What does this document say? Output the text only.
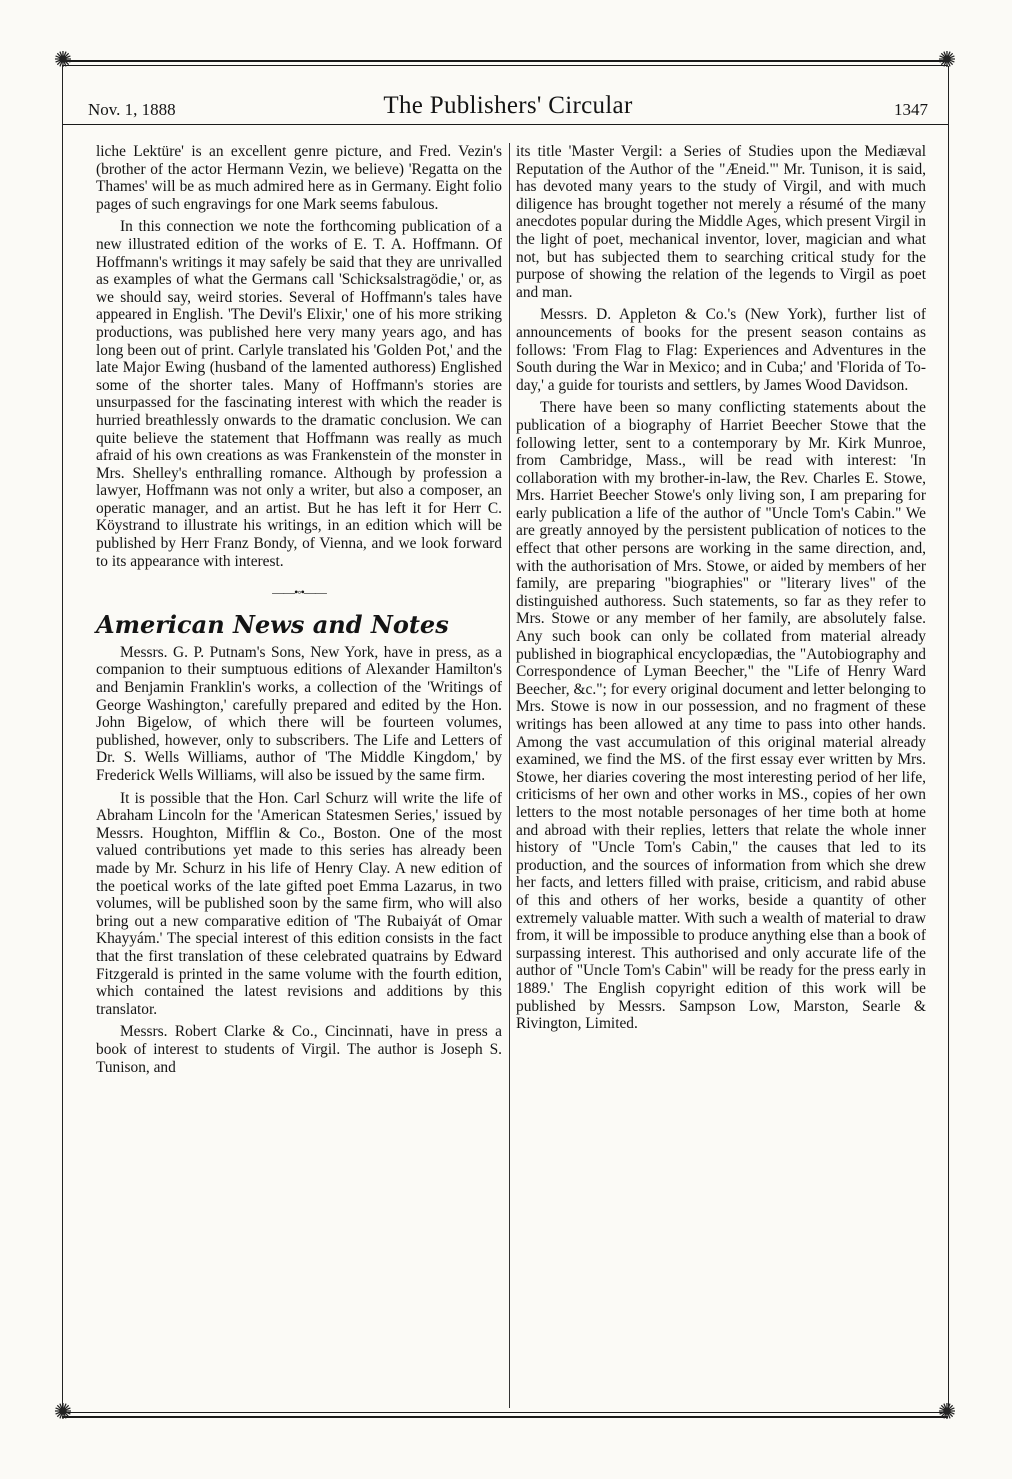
✺	✺
✺	✺
Nov. 1, 1888	The Publishers' Circular	1347

liche Lektüre' is an excellent genre picture, and Fred. Vezin's (brother of the actor Hermann Vezin, we believe) 'Regatta on the Thames' will be as much admired here as in Germany. Eight folio pages of such engravings for one Mark seems fabulous.

In this connection we note the forthcoming publication of a new illustrated edition of the works of E. T. A. Hoffmann. Of Hoffmann's writings it may safely be said that they are unrivalled as examples of what the Germans call 'Schicksalstragödie,' or, as we should say, weird stories. Several of Hoffmann's tales have appeared in English. 'The Devil's Elixir,' one of his more striking productions, was published here very many years ago, and has long been out of print. Carlyle translated his 'Golden Pot,' and the late Major Ewing (husband of the lamented authoress) Englished some of the shorter tales. Many of Hoffmann's stories are unsurpassed for the fascinating interest with which the reader is hurried breathlessly onwards to the dramatic conclusion. We can quite believe the statement that Hoffmann was really as much afraid of his own creations as was Frankenstein of the monster in Mrs. Shelley's enthralling romance. Although by profession a lawyer, Hoffmann was not only a writer, but also a composer, an operatic manager, and an artist. But he has left it for Herr C. Köystrand to illustrate his writings, in an edition which will be published by Herr Franz Bondy, of Vienna, and we look forward to its appearance with interest.

——•◦•——
American News and Notes

Messrs. G. P. Putnam's Sons, New York, have in press, as a companion to their sumptuous editions of Alexander Hamilton's and Benjamin Franklin's works, a collection of the 'Writings of George Washington,' carefully prepared and edited by the Hon. John Bigelow, of which there will be fourteen volumes, published, however, only to subscribers. The Life and Letters of Dr. S. Wells Williams, author of 'The Middle Kingdom,' by Frederick Wells Williams, will also be issued by the same firm.

It is possible that the Hon. Carl Schurz will write the life of Abraham Lincoln for the 'American Statesmen Series,' issued by Messrs. Houghton, Mifflin & Co., Boston. One of the most valued contributions yet made to this series has already been made by Mr. Schurz in his life of Henry Clay. A new edition of the poetical works of the late gifted poet Emma Lazarus, in two volumes, will be published soon by the same firm, who will also bring out a new comparative edition of 'The Rubaiyát of Omar Khayyám.' The special interest of this edition consists in the fact that the first translation of these celebrated quatrains by Edward Fitzgerald is printed in the same volume with the fourth edition, which contained the latest revisions and additions by this translator.

Messrs. Robert Clarke & Co., Cincinnati, have in press a book of interest to students of Virgil. The author is Joseph S. Tunison, and

its title 'Master Vergil: a Series of Studies upon the Mediæval Reputation of the Author of the "Æneid."' Mr. Tunison, it is said, has devoted many years to the study of Virgil, and with much diligence has brought together not merely a résumé of the many anecdotes popular during the Middle Ages, which present Virgil in the light of poet, mechanical inventor, lover, magician and what not, but has subjected them to searching critical study for the purpose of showing the relation of the legends to Virgil as poet and man.

Messrs. D. Appleton & Co.'s (New York), further list of announcements of books for the present season contains as follows: 'From Flag to Flag: Experiences and Adventures in the South during the War in Mexico; and in Cuba;' and 'Florida of To-day,' a guide for tourists and settlers, by James Wood Davidson.

There have been so many conflicting statements about the publication of a biography of Harriet Beecher Stowe that the following letter, sent to a contemporary by Mr. Kirk Munroe, from Cambridge, Mass., will be read with interest: 'In collaboration with my brother-in-law, the Rev. Charles E. Stowe, Mrs. Harriet Beecher Stowe's only living son, I am preparing for early publication a life of the author of "Uncle Tom's Cabin." We are greatly annoyed by the persistent publication of notices to the effect that other persons are working in the same direction, and, with the authorisation of Mrs. Stowe, or aided by members of her family, are preparing "biographies" or "literary lives" of the distinguished authoress. Such statements, so far as they refer to Mrs. Stowe or any member of her family, are absolutely false. Any such book can only be collated from material already published in biographical encyclopædias, the "Autobiography and Correspondence of Lyman Beecher," the "Life of Henry Ward Beecher, &c."; for every original document and letter belonging to Mrs. Stowe is now in our possession, and no fragment of these writings has been allowed at any time to pass into other hands. Among the vast accumulation of this original material already examined, we find the MS. of the first essay ever written by Mrs. Stowe, her diaries covering the most interesting period of her life, criticisms of her own and other works in MS., copies of her own letters to the most notable personages of her time both at home and abroad with their replies, letters that relate the whole inner history of "Uncle Tom's Cabin," the causes that led to its production, and the sources of information from which she drew her facts, and letters filled with praise, criticism, and rabid abuse of this and others of her works, beside a quantity of other extremely valuable matter. With such a wealth of material to draw from, it will be impossible to produce anything else than a book of surpassing interest. This authorised and only accurate life of the author of "Uncle Tom's Cabin" will be ready for the press early in 1889.' The English copyright edition of this work will be published by Messrs. Sampson Low, Marston, Searle & Rivington, Limited.
